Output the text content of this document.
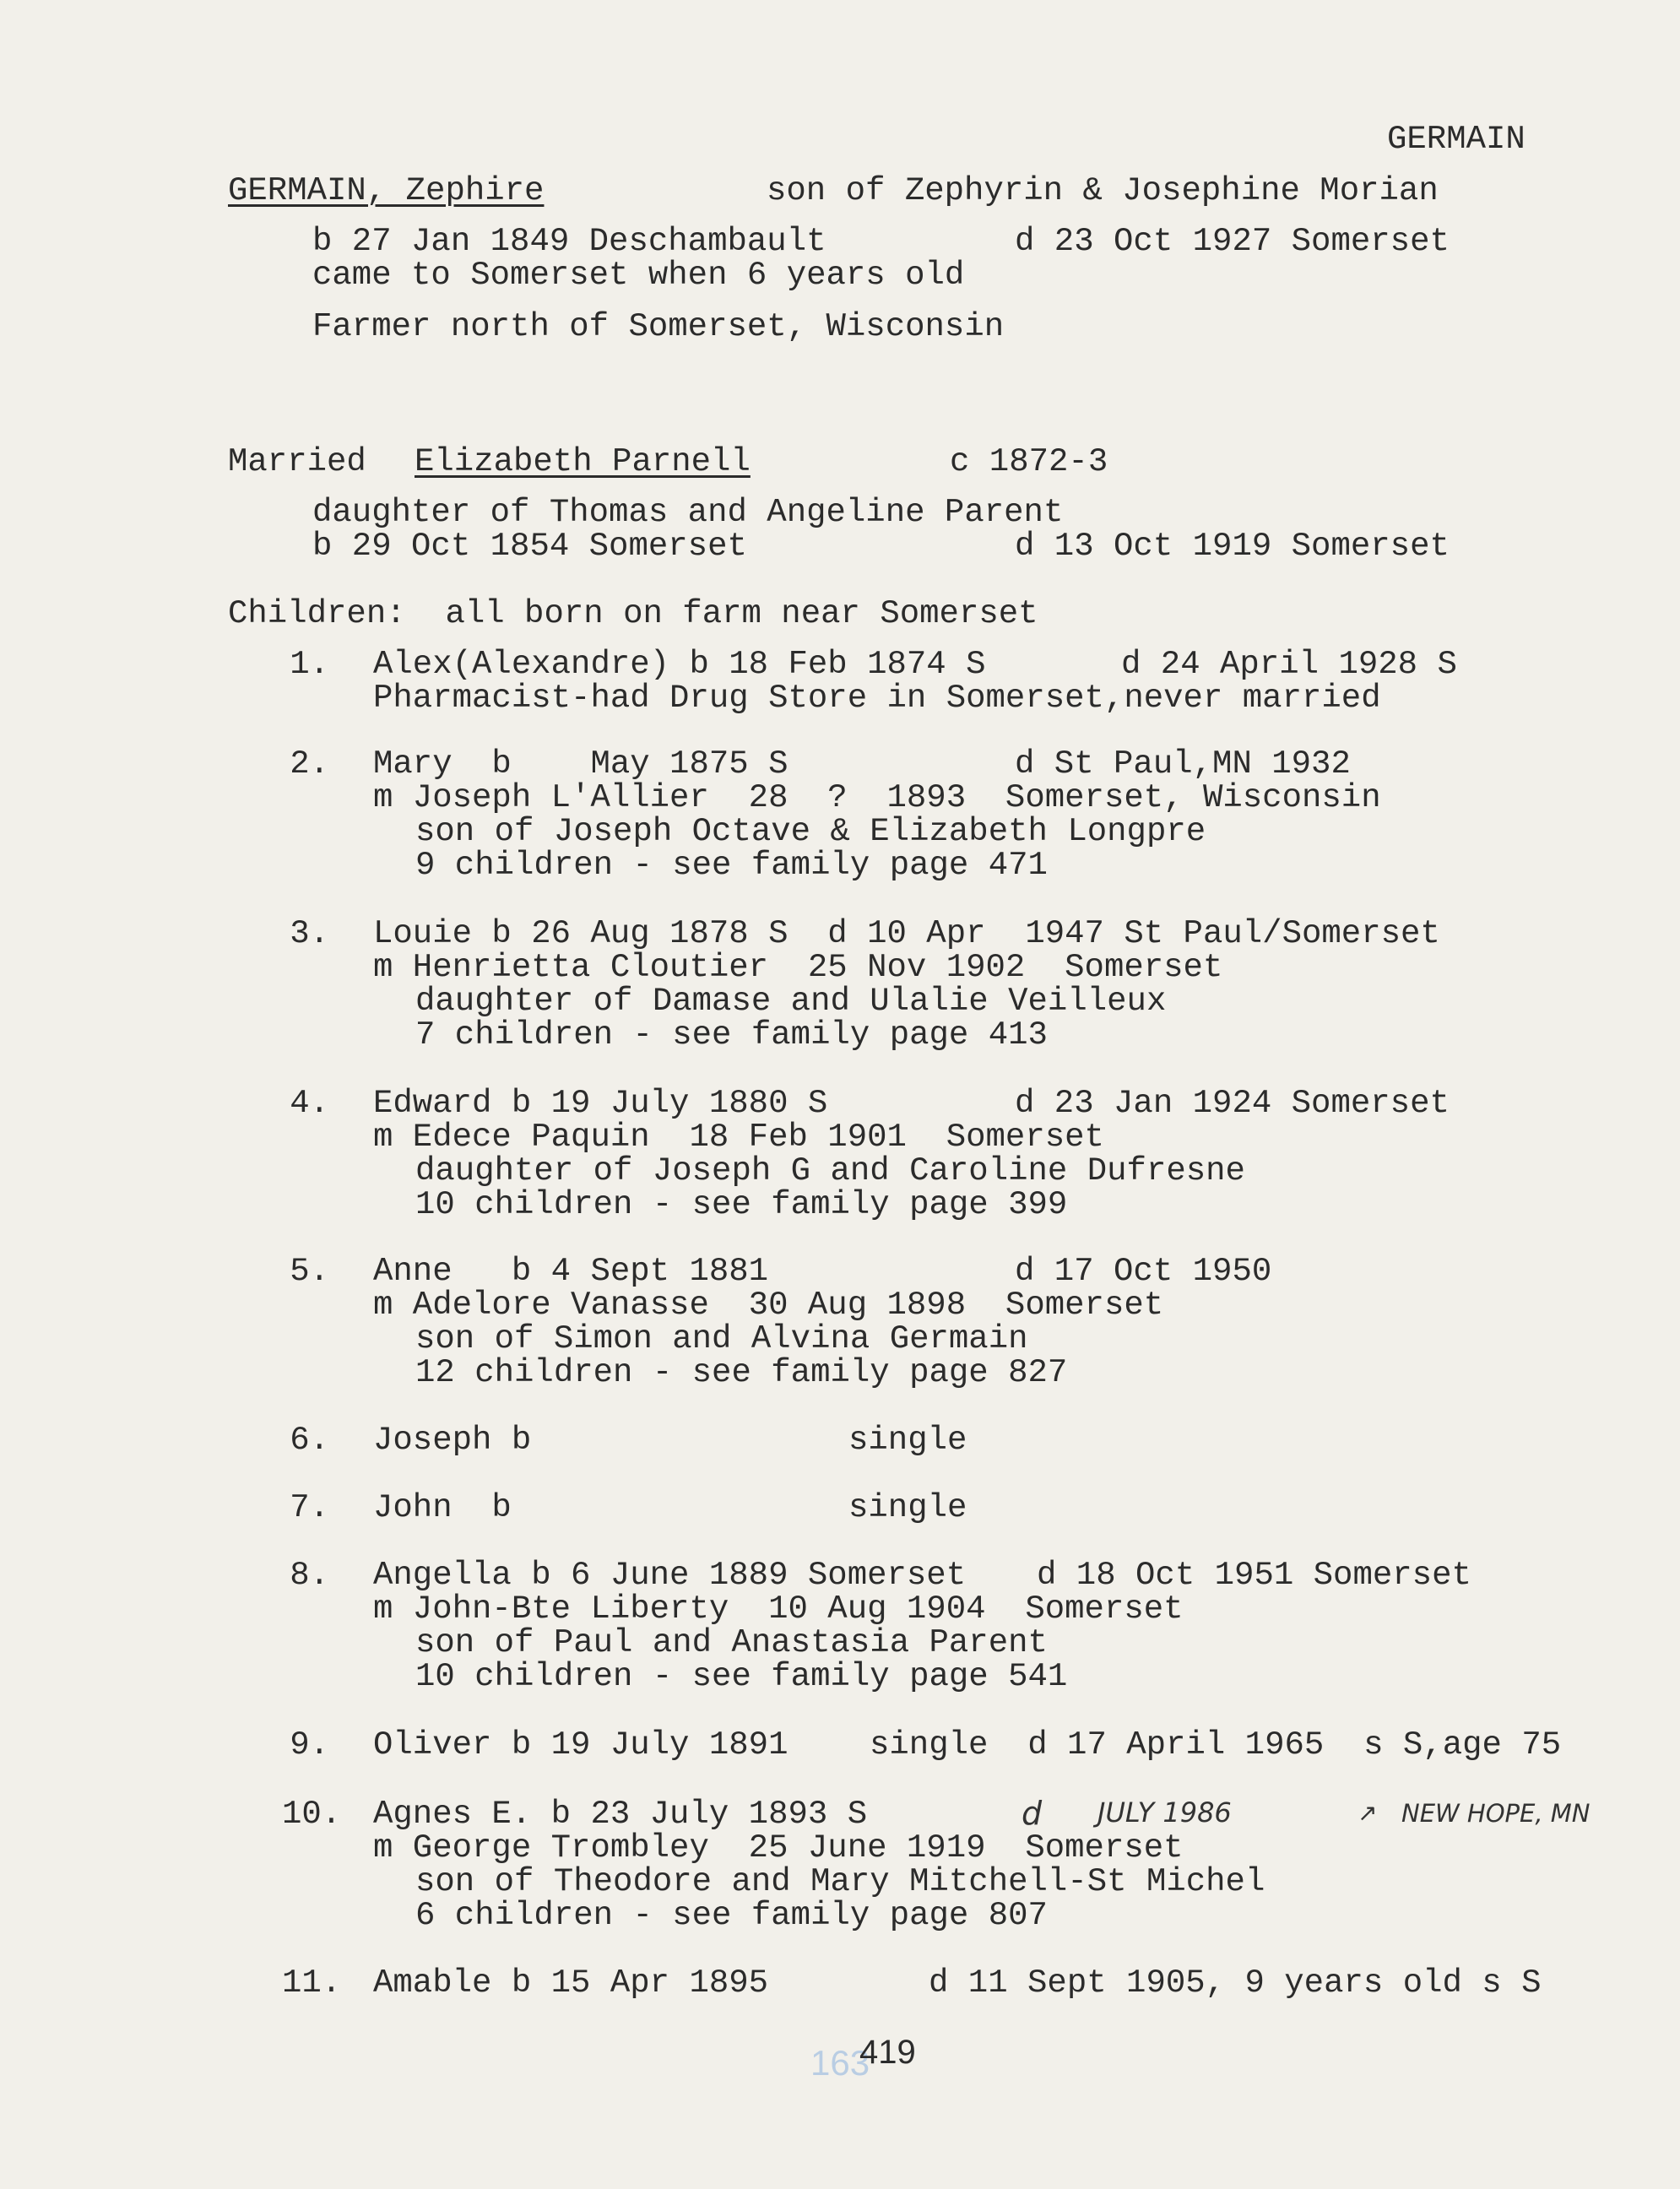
GERMAIN
GERMAIN, Zephire	son of Zephyrin & Josephine Morian
b 27 Jan 1849 Deschambault	d 23 Oct 1927 Somerset
came to Somerset when 6 years old
Farmer north of Somerset, Wisconsin
Married Elizabeth Parnell	c 1872-3
daughter of Thomas and Angeline Parent
b 29 Oct 1854 Somerset	d 13 Oct 1919 Somerset
Children:  all born on farm near Somerset
1. Alex(Alexandre) b 18 Feb 1874 S	d 24 April 1928 S
Pharmacist-had Drug Store in Somerset,never married
2. Mary  b    May 1875 S	d St Paul,MN 1932
m Joseph L'Allier  28  ?  1893  Somerset, Wisconsin
son of Joseph Octave & Elizabeth Longpre
9 children - see family page 471
3. Louie b 26 Aug 1878 S  d 10 Apr  1947 St Paul/Somerset
m Henrietta Cloutier  25 Nov 1902  Somerset
daughter of Damase and Ulalie Veilleux
7 children - see family page 413
4. Edward b 19 July 1880 S	d 23 Jan 1924 Somerset
m Edece Paquin  18 Feb 1901  Somerset
daughter of Joseph G and Caroline Dufresne
10 children - see family page 399
5. Anne   b 4 Sept 1881	d 17 Oct 1950
m Adelore Vanasse  30 Aug 1898  Somerset
son of Simon and Alvina Germain
12 children - see family page 827
6. Joseph b	single
7. John  b	single
8. Angella b 6 June 1889 Somerset d 18 Oct 1951 Somerset
m John-Bte Liberty  10 Aug 1904  Somerset
son of Paul and Anastasia Parent
10 children - see family page 541
9. Oliver b 19 July 1891 single  d 17 April 1965  s S,age 75
10. Agnes E. b 23 July 1893 S	d JULY 1986	↗ NEW HOPE, MN
m George Trombley  25 June 1919  Somerset
son of Theodore and Mary Mitchell-St Michel
6 children - see family page 807
11. Amable b 15 Apr 1895	d 11 Sept 1905, 9 years old s S
163
419
